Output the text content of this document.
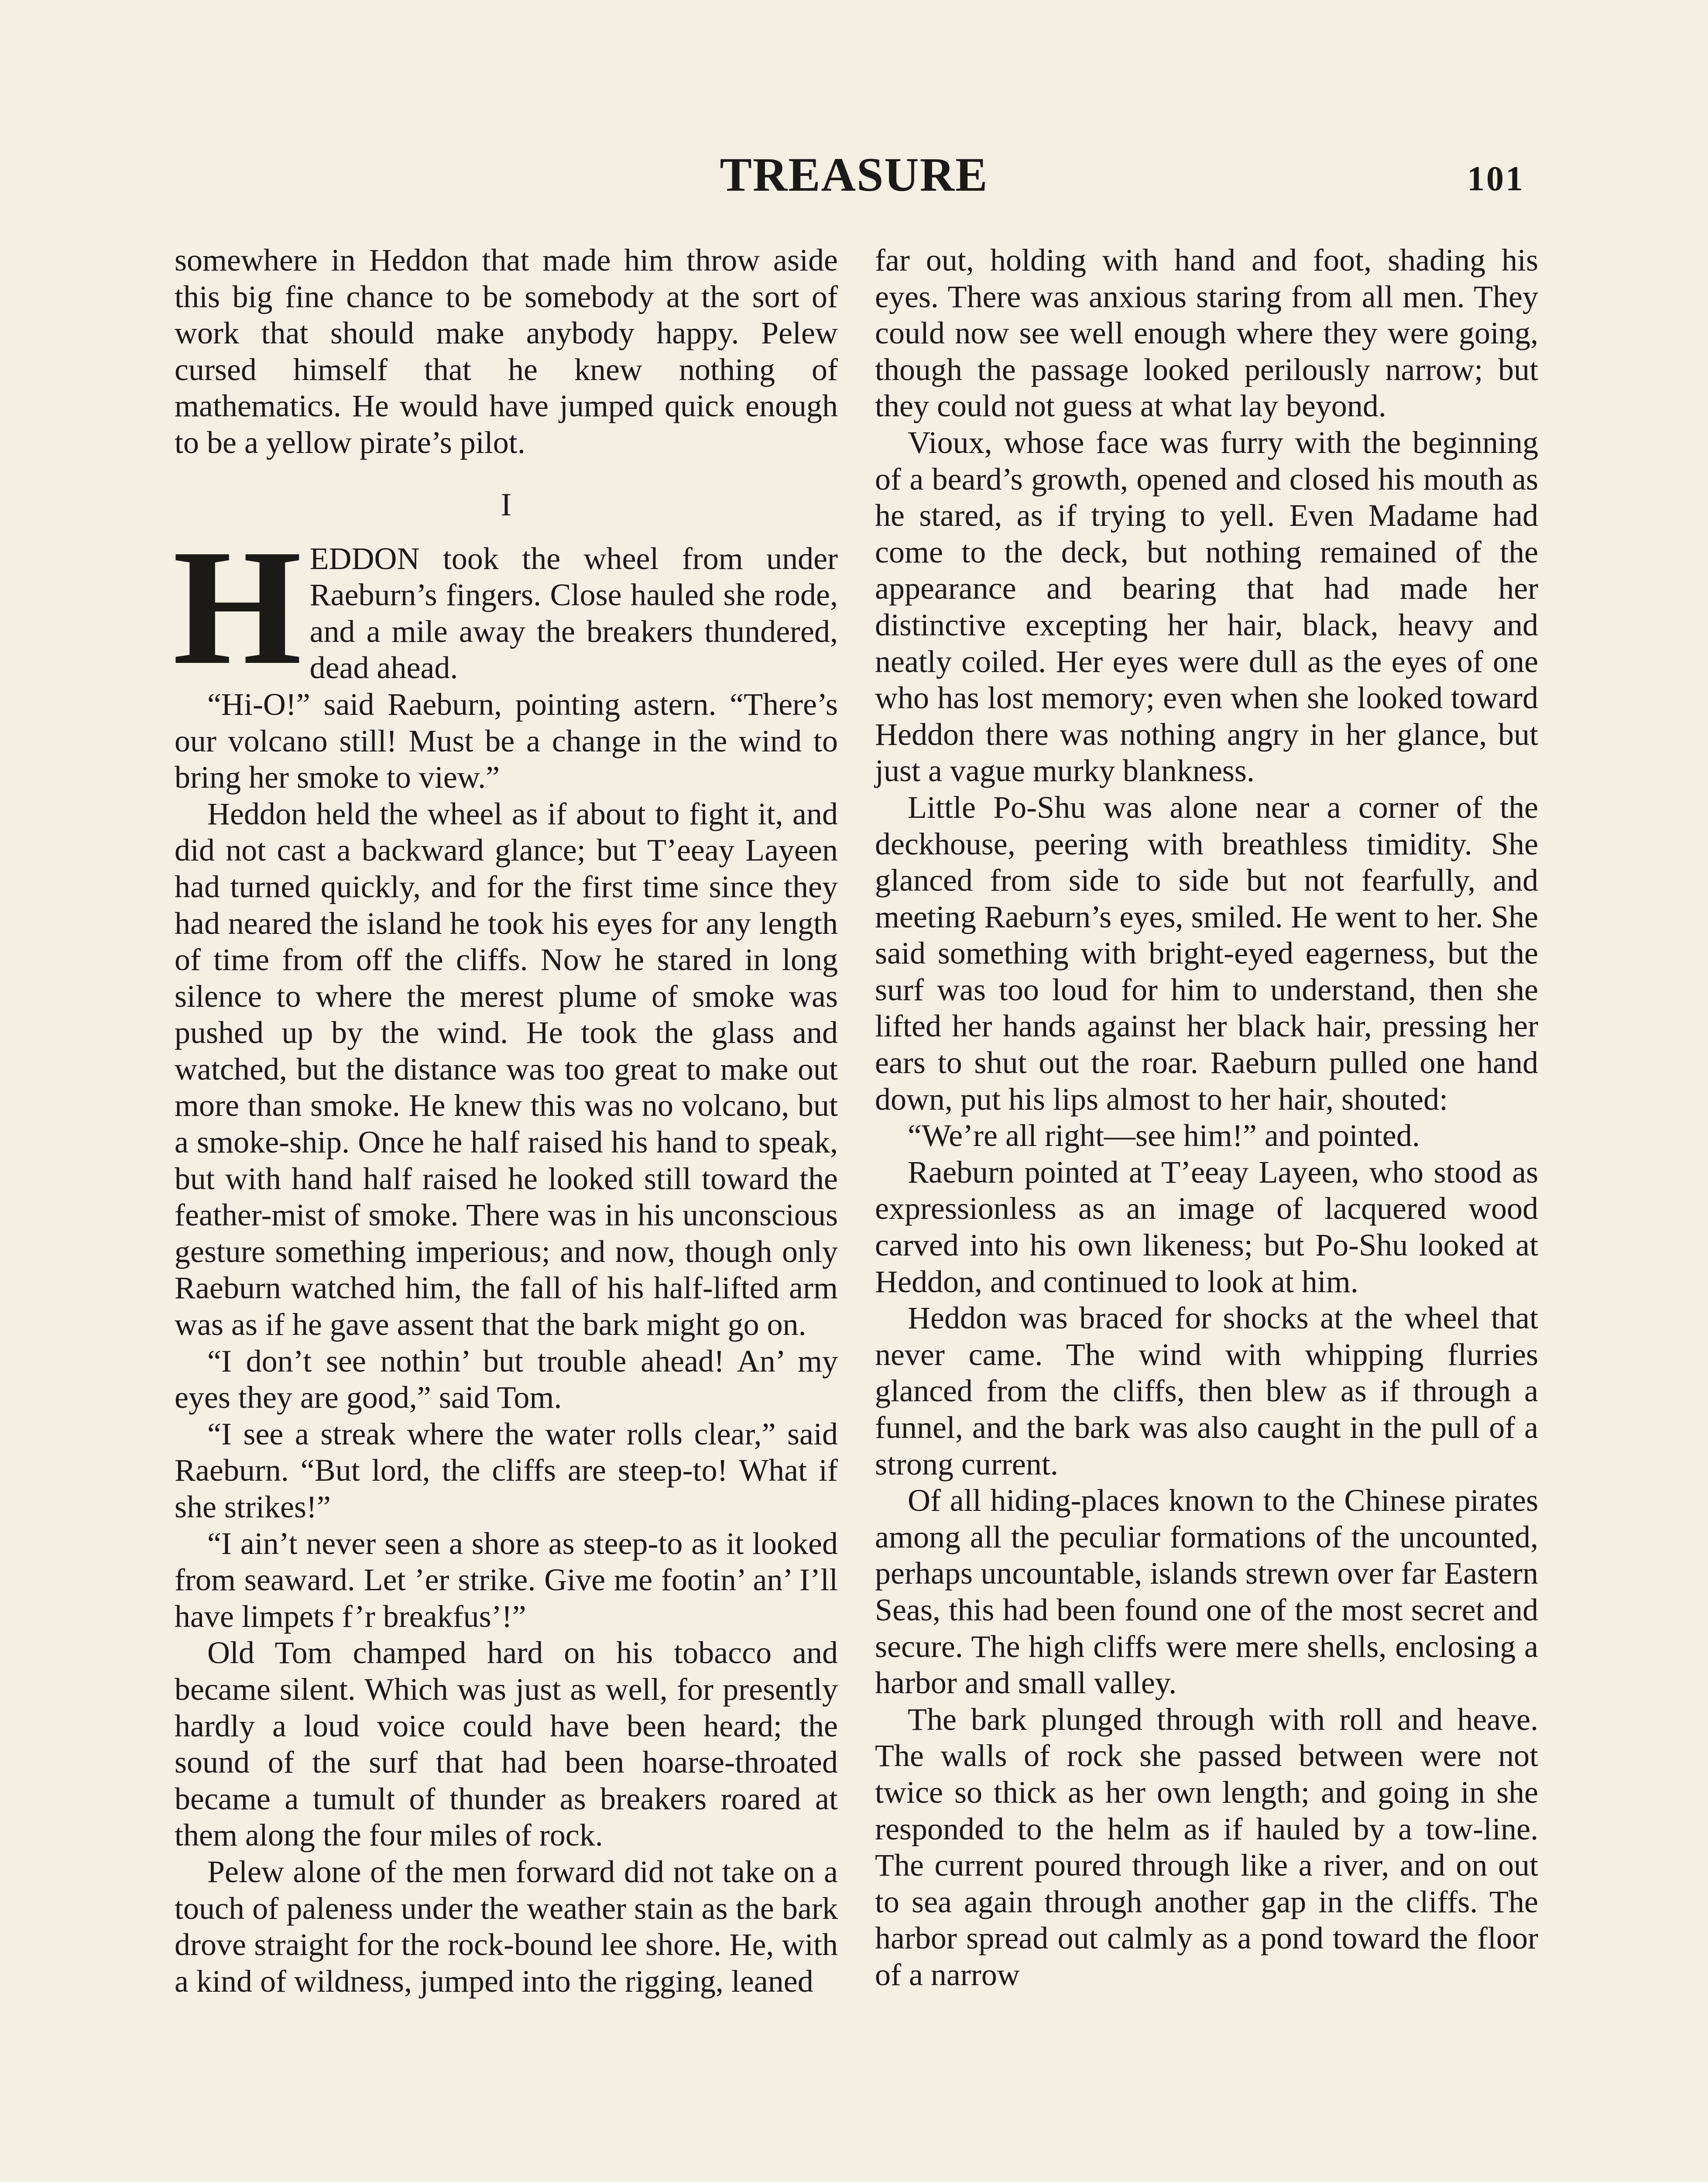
TREASURE	101

somewhere in Heddon that made him throw aside this big fine chance to be somebody at the sort of work that should make anybody happy. Pelew cursed himself that he knew nothing of mathematics. He would have jumped quick enough to be a yellow pirate’s pilot.

I

HEDDON took the wheel from under Raeburn’s fingers. Close hauled she rode, and a mile away the breakers thundered, dead ahead.

“Hi-O!” said Raeburn, pointing astern. “There’s our volcano still! Must be a change in the wind to bring her smoke to view.”

Heddon held the wheel as if about to fight it, and did not cast a backward glance; but T’eeay Layeen had turned quickly, and for the first time since they had neared the island he took his eyes for any length of time from off the cliffs. Now he stared in long silence to where the merest plume of smoke was pushed up by the wind. He took the glass and watched, but the distance was too great to make out more than smoke. He knew this was no volcano, but a smoke-ship. Once he half raised his hand to speak, but with hand half raised he looked still toward the feather-mist of smoke. There was in his unconscious gesture something imperious; and now, though only Raeburn watched him, the fall of his half-lifted arm was as if he gave assent that the bark might go on.

“I don’t see nothin’ but trouble ahead! An’ my eyes they are good,” said Tom.

“I see a streak where the water rolls clear,” said Raeburn. “But lord, the cliffs are steep-to! What if she strikes!”

“I ain’t never seen a shore as steep-to as it looked from seaward. Let ’er strike. Give me footin’ an’ I’ll have limpets f’r breakfus’!”

Old Tom champed hard on his tobacco and became silent. Which was just as well, for presently hardly a loud voice could have been heard; the sound of the surf that had been hoarse-throated became a tumult of thunder as breakers roared at them along the four miles of rock.

Pelew alone of the men forward did not take on a touch of paleness under the weather stain as the bark drove straight for the rock-bound lee shore. He, with a kind of wildness, jumped into the rigging, leaned

far out, holding with hand and foot, shading his eyes. There was anxious staring from all men. They could now see well enough where they were going, though the passage looked perilously narrow; but they could not guess at what lay beyond.

Vioux, whose face was furry with the beginning of a beard’s growth, opened and closed his mouth as he stared, as if trying to yell. Even Madame had come to the deck, but nothing remained of the appearance and bearing that had made her distinctive excepting her hair, black, heavy and neatly coiled. Her eyes were dull as the eyes of one who has lost memory; even when she looked toward Heddon there was nothing angry in her glance, but just a vague murky blankness.

Little Po-Shu was alone near a corner of the deckhouse, peering with breathless timidity. She glanced from side to side but not fearfully, and meeting Raeburn’s eyes, smiled. He went to her. She said something with bright-eyed eagerness, but the surf was too loud for him to understand, then she lifted her hands against her black hair, pressing her ears to shut out the roar. Raeburn pulled one hand down, put his lips almost to her hair, shouted:

“We’re all right—see him!” and pointed.

Raeburn pointed at T’eeay Layeen, who stood as expressionless as an image of lacquered wood carved into his own likeness; but Po-Shu looked at Heddon, and continued to look at him.

Heddon was braced for shocks at the wheel that never came. The wind with whipping flurries glanced from the cliffs, then blew as if through a funnel, and the bark was also caught in the pull of a strong current.

Of all hiding-places known to the Chinese pirates among all the peculiar formations of the uncounted, perhaps uncountable, islands strewn over far Eastern Seas, this had been found one of the most secret and secure. The high cliffs were mere shells, enclosing a harbor and small valley.

The bark plunged through with roll and heave. The walls of rock she passed between were not twice so thick as her own length; and going in she responded to the helm as if hauled by a tow-line. The current poured through like a river, and on out to sea again through another gap in the cliffs. The harbor spread out calmly as a pond toward the floor of a narrow
